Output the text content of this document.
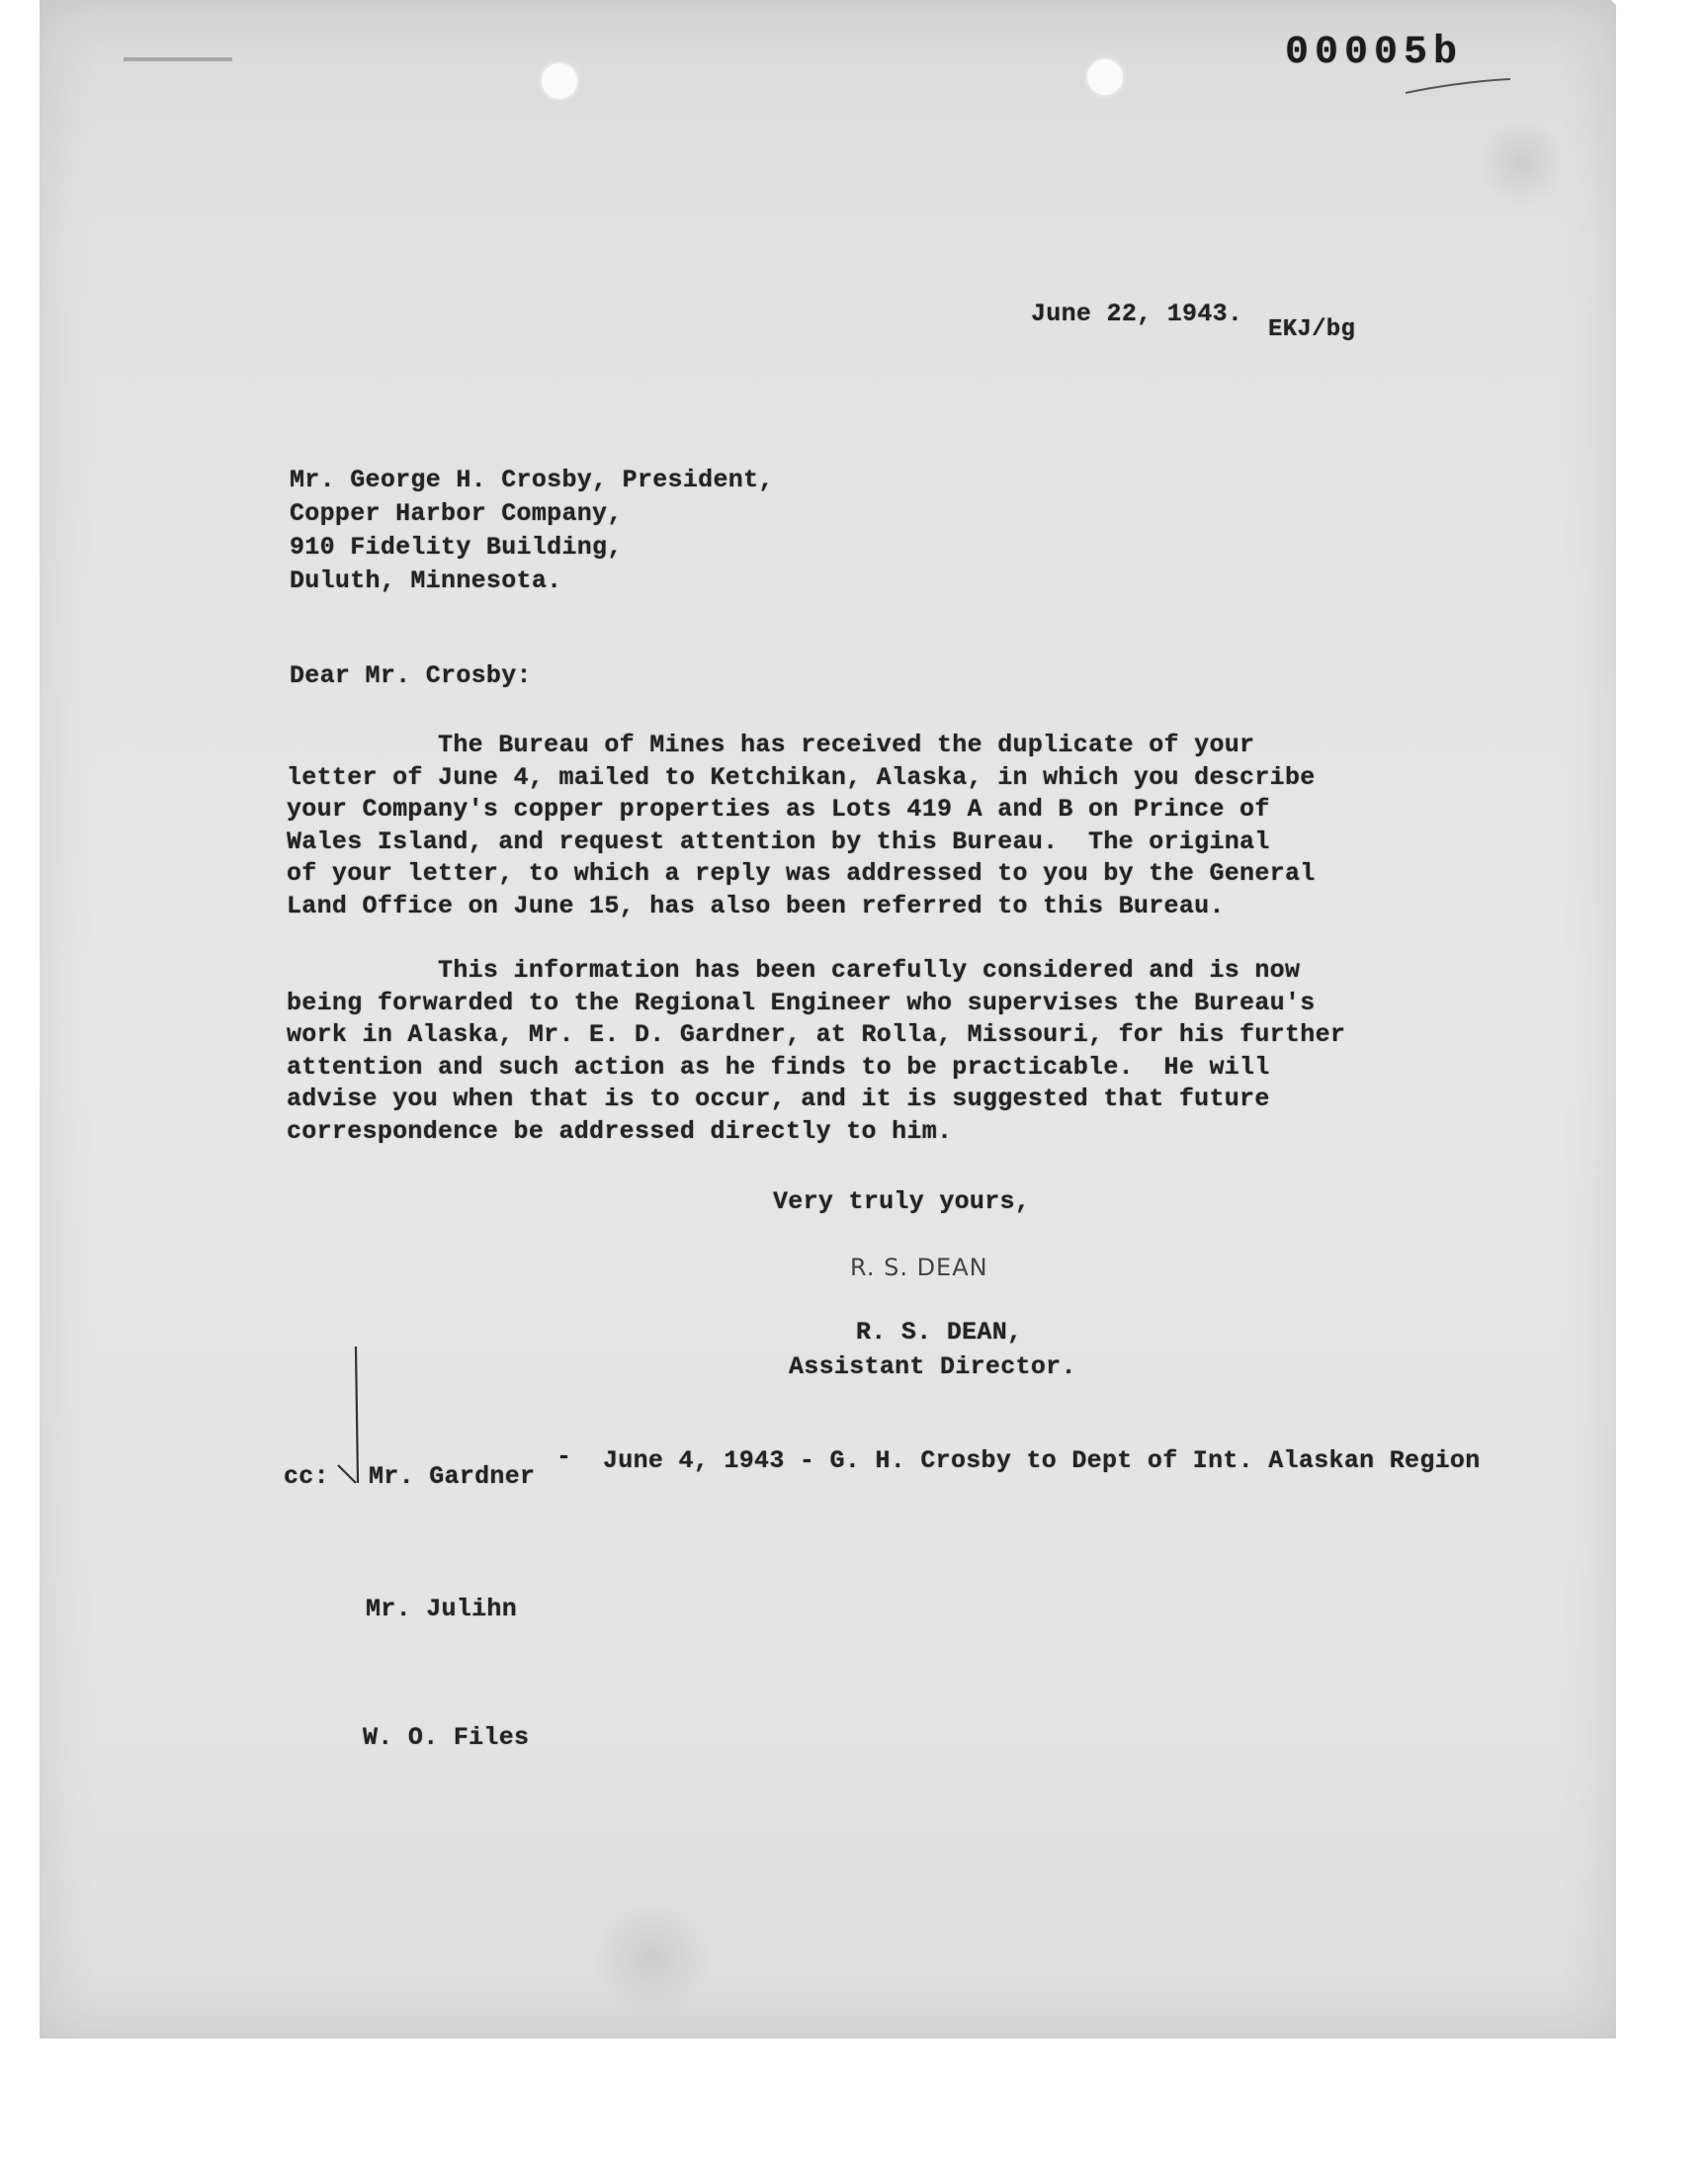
00005b
June 22, 1943.
EKJ/bg
Mr. George H. Crosby, President,
Copper Harbor Company,
910 Fidelity Building,
Duluth, Minnesota.
Dear Mr. Crosby:
The Bureau of Mines has received the duplicate of your
letter of June 4, mailed to Ketchikan, Alaska, in which you describe
your Company's copper properties as Lots 419 A and B on Prince of
Wales Island, and request attention by this Bureau.  The original
of your letter, to which a reply was addressed to you by the General
Land Office on June 15, has also been referred to this Bureau.
This information has been carefully considered and is now
being forwarded to the Regional Engineer who supervises the Bureau's
work in Alaska, Mr. E. D. Gardner, at Rolla, Missouri, for his further
attention and such action as he finds to be practicable.  He will
advise you when that is to occur, and it is suggested that future
correspondence be addressed directly to him.
Very truly yours,
R. S. DEAN
R. S. DEAN,
Assistant Director.
cc: Mr. Gardner
- June 4, 1943 - G. H. Crosby to Dept of Int. Alaskan Region
Mr. Julihn
W. O. Files
